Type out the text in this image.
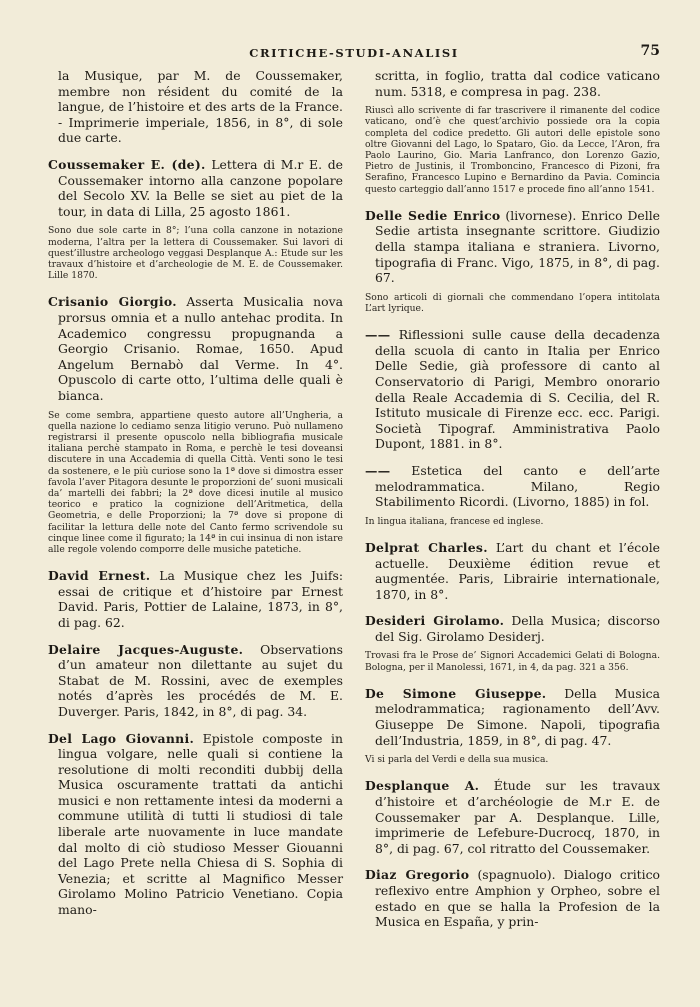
CRITICHE-STUDI-ANALISI	75

la Musique, par M. de Coussemaker, membre non résident du comité de la langue, de l’histoire et des arts de la France. - Imprimerie imperiale, 1856, in 8°, di sole due carte.

Coussemaker E. (de). Lettera di M.r E. de Coussemaker intorno alla canzone popolare del Secolo XV. la Belle se siet au piet de la tour, in data di Lilla, 25 agosto 1861.

Sono due sole carte in 8°; l’una colla canzone in notazione moderna, l’altra per la lettera di Coussemaker. Sui lavori di quest’illustre archeologo veggasi Desplanque A.: Etude sur les travaux d’histoire et d’archeologie de M. E. de Coussemaker. Lille 1870.

Crisanio Giorgio. Asserta Musicalia nova prorsus omnia et a nullo antehac prodita. In Academico congressu propugnanda a Georgio Crisanio. Romae, 1650. Apud Angelum Bernabò dal Verme. In 4°. Opuscolo di carte otto, l’ultima delle quali è bianca.

Se come sembra, appartiene questo autore all’Ungheria, a quella nazione lo cediamo senza litigio veruno. Può nullameno registrarsi il presente opuscolo nella bibliografia musicale italiana perchè stampato in Roma, e perchè le tesi doveansi discutere in una Accademia di quella Città. Venti sono le tesi da sostenere, e le più curiose sono la 1ª dove si dimostra esser favola l’aver Pitagora desunte le proporzioni de’ suoni musicali da’ martelli dei fabbri; la 2ª dove dicesi inutile al musico teorico e pratico la cognizione dell’Aritmetica, della Geometria, e delle Proporzioni; la 7ª dove si propone di facilitar la lettura delle note del Canto fermo scrivendole su cinque linee come il figurato; la 14ª in cui insinua di non istare alle regole volendo comporre delle musiche patetiche.

David Ernest. La Musique chez les Juifs: essai de critique et d’histoire par Ernest David. Paris, Pottier de Lalaine, 1873, in 8°, di pag. 62.

Delaire Jacques-Auguste. Observations d’un amateur non dilettante au sujet du Stabat de M. Rossini, avec de exemples notés d’après les procédés de M. E. Duverger. Paris, 1842, in 8°, di pag. 34.

Del Lago Giovanni. Epistole composte in lingua volgare, nelle quali si contiene la resolutione di molti reconditi dubbij della Musica oscuramente trattati da antichi musici e non rettamente intesi da moderni a commune utilità di tutti li studiosi di tale liberale arte nuovamente in luce mandate dal molto di ciò studioso Messer Giouanni del Lago Prete nella Chiesa di S. Sophia di Venezia; et scritte al Magnifico Messer Girolamo Molino Patricio Venetiano. Copia mano-

scritta, in foglio, tratta dal codice vaticano num. 5318, e compresa in pag. 238.

Riuscì allo scrivente di far trascrivere il rimanente del codice vaticano, ond’è che quest’archivio possiede ora la copia completa del codice predetto. Gli autori delle epistole sono oltre Giovanni del Lago, lo Spataro, Gio. da Lecce, l’Aron, fra Paolo Laurino, Gio. Maria Lanfranco, don Lorenzo Gazio, Pietro de Justinis, il Tromboncino, Francesco di Pizoni, fra Serafino, Francesco Lupino e Bernardino da Pavia. Comincia questo carteggio dall’anno 1517 e procede fino all’anno 1541.

Delle Sedie Enrico (livornese). Enrico Delle Sedie artista insegnante scrittore. Giudizio della stampa italiana e straniera. Livorno, tipografia di Franc. Vigo, 1875, in 8°, di pag. 67.

Sono articoli di giornali che commendano l’opera intitolata L’art lyrique.

—— Riflessioni sulle cause della decadenza della scuola di canto in Italia per Enrico Delle Sedie, già professore di canto al Conservatorio di Parigi, Membro onorario della Reale Accademia di S. Cecilia, del R. Istituto musicale di Firenze ecc. ecc. Parigi. Società Tipograf. Amministrativa Paolo Dupont, 1881. in 8°.

—— Estetica del canto e dell’arte melodrammatica. Milano, Regio Stabilimento Ricordi. (Livorno, 1885) in fol.

In lingua italiana, francese ed inglese.

Delprat Charles. L’art du chant et l’école actuelle. Deuxième édition revue et augmentée. Paris, Librairie internationale, 1870, in 8°.

Desideri Girolamo. Della Musica; discorso del Sig. Girolamo Desiderj.

Trovasi fra le Prose de’ Signori Accademici Gelati di Bologna. Bologna, per il Manolessi, 1671, in 4, da pag. 321 a 356.

De Simone Giuseppe. Della Musica melodrammatica; ragionamento dell’Avv. Giuseppe De Simone. Napoli, tipografia dell’Industria, 1859, in 8°, di pag. 47.

Vi si parla del Verdi e della sua musica.

Desplanque A. Étude sur les travaux d’histoire et d’archéologie de M.r E. de Coussemaker par A. Desplanque. Lille, imprimerie de Lefebure-Ducrocq, 1870, in 8°, di pag. 67, col ritratto del Coussemaker.

Diaz Gregorio (spagnuolo). Dialogo critico reflexivo entre Amphion y Orpheo, sobre el estado en que se halla la Profesion de la Musica en España, y prin-
